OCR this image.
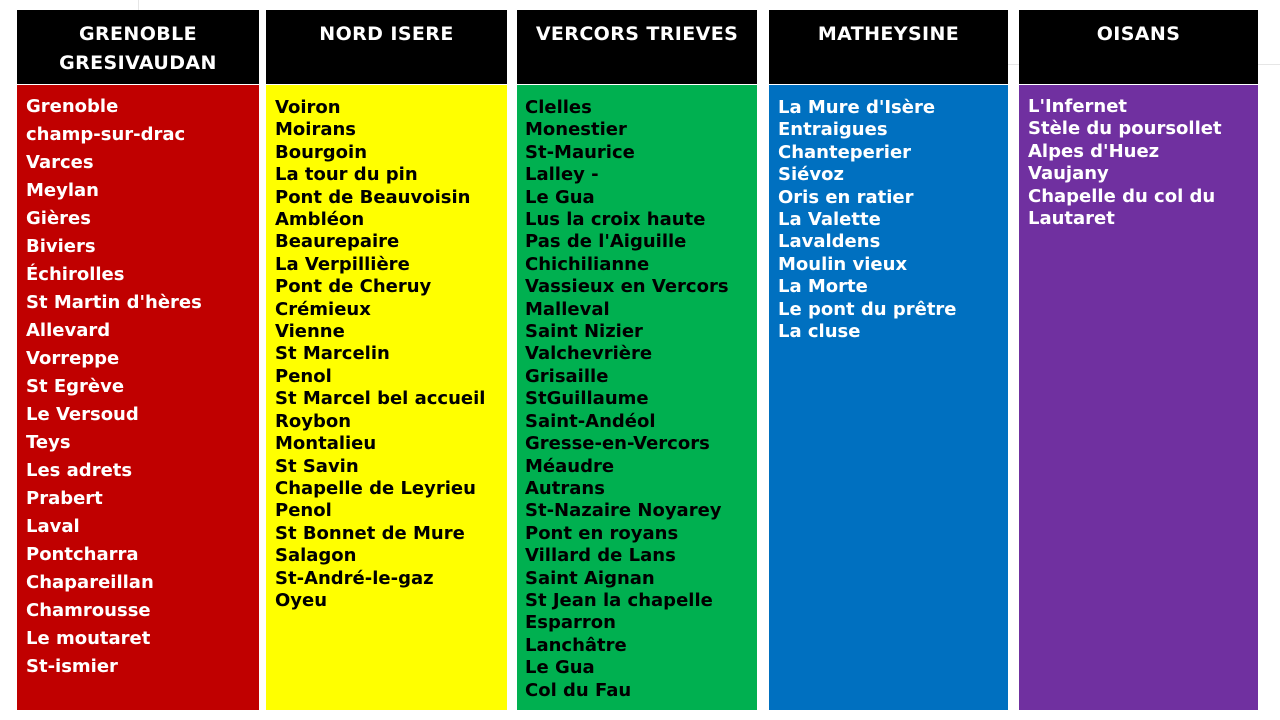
GRENOBLE
GRESIVAUDAN
Grenoble
champ-sur-drac
Varces
Meylan
Gières
Biviers
Échirolles
St Martin d'hères
Allevard
Vorreppe
St Egrève
Le Versoud
Teys
Les adrets
Prabert
Laval
Pontcharra
Chapareillan
Chamrousse
Le moutaret
St-ismier
NORD ISERE
Voiron
Moirans
Bourgoin
La tour du pin
Pont de Beauvoisin
Ambléon
Beaurepaire
La Verpillière
Pont de Cheruy
Crémieux
Vienne
St Marcelin
Penol
St Marcel bel accueil
Roybon
Montalieu
St Savin
Chapelle de Leyrieu
Penol
St Bonnet de Mure
Salagon
St-André-le-gaz
Oyeu
VERCORS TRIEVES
Clelles
Monestier
St-Maurice
Lalley -
Le Gua
Lus la croix haute
Pas de l'Aiguille
Chichilianne
Vassieux en Vercors
Malleval
Saint Nizier
Valchevrière
Grisaille
StGuillaume
Saint-Andéol
Gresse-en-Vercors
Méaudre
Autrans
St-Nazaire Noyarey
Pont en royans
Villard de Lans
Saint Aignan
St Jean la chapelle
Esparron
Lanchâtre
Le Gua
Col du Fau
MATHEYSINE
La Mure d'Isère
Entraigues
Chanteperier
Siévoz
Oris en ratier
La Valette
Lavaldens
Moulin vieux
La Morte
Le pont du prêtre
La cluse
OISANS
L'Infernet
Stèle du poursollet
Alpes d'Huez
Vaujany
Chapelle du col du
Lautaret
